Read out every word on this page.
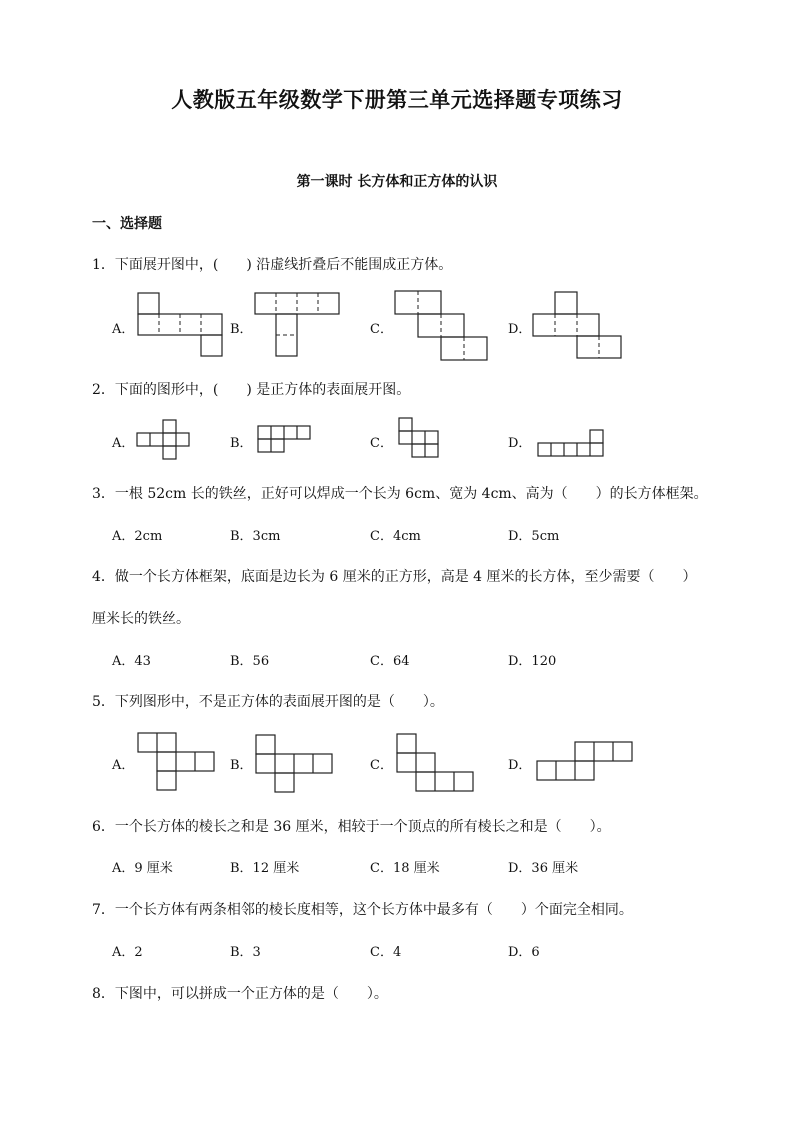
人教版五年级数学下册第三单元选择题专项练习
第一课时 长方体和正方体的认识
一、选择题
1．下面展开图中，(　　) 沿虚线折叠后不能围成正方体。
A．	B．	C．	D．
2．下面的图形中，(　　) 是正方体的表面展开图。
A．	B．	C．	D．
3．一根 52cm 长的铁丝，正好可以焊成一个长为 6cm、宽为 4cm、高为（　　）的长方体框架。
A．2cm	B．3cm	C．4cm	D．5cm
4．做一个长方体框架，底面是边长为 6 厘米的正方形，高是 4 厘米的长方体，至少需要（　　）
厘米长的铁丝。
A．43	B．56	C．64	D．120
5．下列图形中，不是正方体的表面展开图的是（　　）。
A．	B．	C．	D．
6．一个长方体的棱长之和是 36 厘米，相较于一个顶点的所有棱长之和是（　　）。
A．9 厘米	B．12 厘米	C．18 厘米	D．36 厘米
7．一个长方体有两条相邻的棱长度相等，这个长方体中最多有（　　）个面完全相同。
A．2	B．3	C．4	D．6
8．下图中，可以拼成一个正方体的是（　　）。
